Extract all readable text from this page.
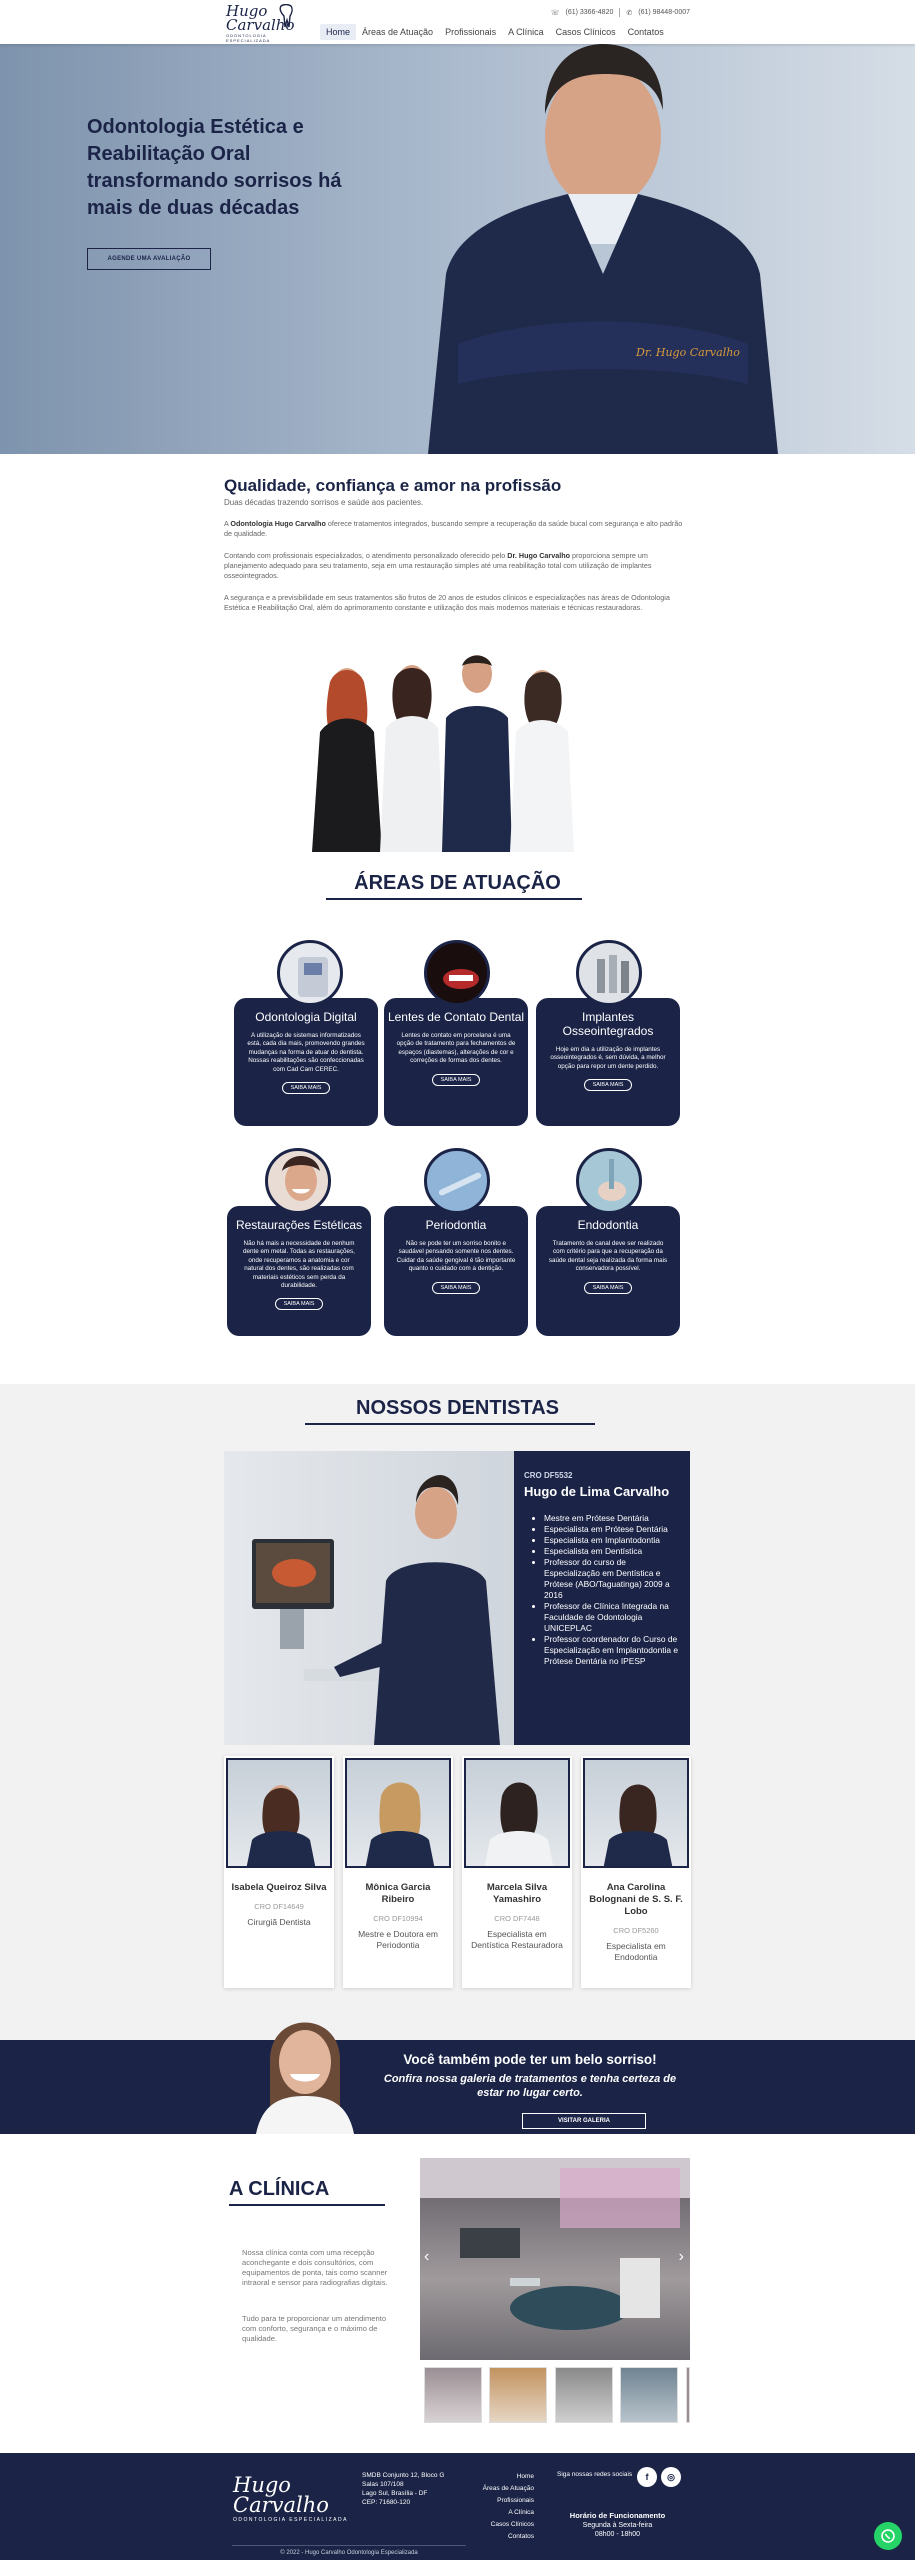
Hugo
Carvalho
ODONTOLOGIA ESPECIALIZADA
☏ (61) 3366-4820 ✆ (61) 98448-0007
Home	Áreas de Atuação	Profissionais	A Clínica	Casos Clínicos	Contatos
Odontologia Estética e Reabilitação Oral transformando sorrisos há mais de duas décadas
AGENDE UMA AVALIAÇÃO
Dr. Hugo Carvalho
Qualidade, confiança e amor na profissão
Duas décadas trazendo sorrisos e saúde aos pacientes.

A Odontologia Hugo Carvalho oferece tratamentos integrados, buscando sempre a recuperação da saúde bucal com segurança e alto padrão de qualidade.

Contando com profissionais especializados, o atendimento personalizado oferecido pelo Dr. Hugo Carvalho proporciona sempre um planejamento adequado para seu tratamento, seja em uma restauração simples até uma reabilitação total com utilização de implantes osseointegrados.

A segurança e a previsibilidade em seus tratamentos são frutos de 20 anos de estudos clínicos e especializações nas áreas de Odontologia Estética e Reabilitação Oral, além do aprimoramento constante e utilização dos mais modernos materiais e técnicas restauradoras.

ÁREAS DE ATUAÇÃO
Odontologia Digital
A utilização de sistemas informatizados está, cada dia mais, promovendo grandes mudanças na forma de atuar do dentista. Nossas reabilitações são confeccionadas com Cad Cam CEREC.
SAIBA MAIS
Lentes de Contato Dental
Lentes de contato em porcelana é uma opção de tratamento para fechamentos de espaços (diastemas), alterações de cor e correções de formas dos dentes.
SAIBA MAIS
Implantes Osseointegrados
Hoje em dia a utilização de implantes osseointegrados é, sem dúvida, a melhor opção para repor um dente perdido.
SAIBA MAIS
Restaurações Estéticas
Não há mais a necessidade de nenhum dente em metal. Todas as restaurações, onde recuperamos a anatomia e cor natural dos dentes, são realizadas com materiais estéticos sem perda da durabilidade.
SAIBA MAIS
Periodontia
Não se pode ter um sorriso bonito e saudável pensando somente nos dentes. Cuidar da saúde gengival é tão importante quanto o cuidado com a dentição.
SAIBA MAIS
Endodontia
Tratamento de canal deve ser realizado com critério para que a recuperação da saúde dental seja realizada da forma mais conservadora possível.
SAIBA MAIS
NOSSOS DENTISTAS
CRO DF5532
Hugo de Lima Carvalho
• Mestre em Prótese Dentária
• Especialista em Prótese Dentária
• Especialista em Implantodontia
• Especialista em Dentística
• Professor do curso de Especialização em Dentística e Prótese (ABO/Taguatinga) 2009 a 2016
• Professor de Clínica Integrada na Faculdade de Odontologia UNICEPLAC
• Professor coordenador do Curso de Especialização em Implantodontia e Prótese Dentária no IPESP
Isabela Queiroz Silva
CRO DF14649
Cirurgiã Dentista
Mônica Garcia Ribeiro
CRO DF10994
Mestre e Doutora em Periodontia
Marcela Silva Yamashiro
CRO DF7448
Especialista em Dentística Restauradora
Ana Carolina Bolognani de S. S. F. Lobo
CRO DF5260
Especialista em Endodontia
Você também pode ter um belo sorriso!
Confira nossa galeria de tratamentos e tenha certeza de estar no lugar certo.
VISITAR GALERIA
A CLÍNICA

Nossa clínica conta com uma recepção aconchegante e dois consultórios, com equipamentos de ponta, tais como scanner intraoral e sensor para radiografias digitais.

Tudo para te proporcionar um atendimento com conforto, segurança e o máximo de qualidade.

‹	›
Hugo
Carvalho
ODONTOLOGIA ESPECIALIZADA
SMDB Conjunto 12, Bloco G
Salas 107/108
Lago Sul, Brasília - DF
CEP: 71680-120
Home
Áreas de Atuação
Profissionais
A Clínica
Casos Clínicos
Contatos
Siga nossas redes sociais	f	◎
Horário de Funcionamento
Segunda à Sexta-feira
08h00 - 18h00
© 2022 - Hugo Carvalho Odontologia Especializada
